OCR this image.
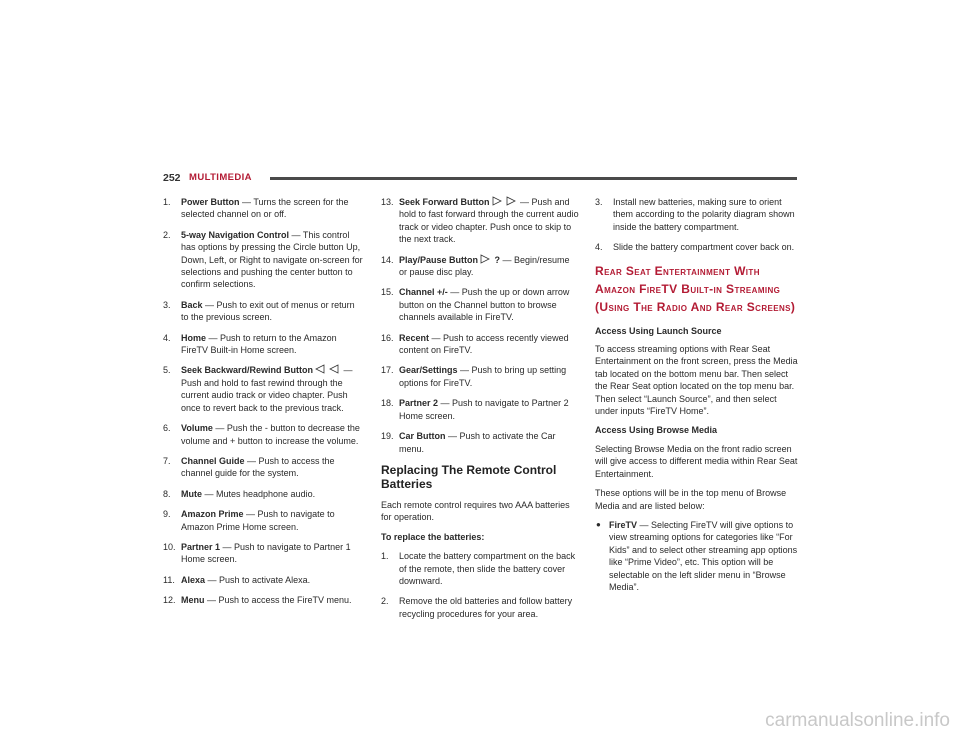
252 MULTIMEDIA
1. Power Button — Turns the screen for the selected channel on or off.
2. 5-way Navigation Control — This control has options by pressing the Circle button Up, Down, Left, or Right to navigate on-screen for selections and pushing the center button to confirm selections.
3. Back — Push to exit out of menus or return to the previous screen.
4. Home — Push to return to the Amazon FireTV Built-in Home screen.
5. Seek Backward/Rewind Button	— Push and hold to fast rewind through the current audio track or video chapter. Push once to revert back to the previous track.
6. Volume — Push the - button to decrease the volume and + button to increase the volume.
7. Channel Guide — Push to access the channel guide for the system.
8. Mute — Mutes headphone audio.
9. Amazon Prime — Push to navigate to Amazon Prime Home screen.
10. Partner 1 — Push to navigate to Partner 1 Home screen.
11. Alexa — Push to activate Alexa.
12. Menu — Push to access the FireTV menu.
13. Seek Forward Button	— Push and hold to fast forward through the current audio track or video chapter. Push once to skip to the next track.
14. Play/Pause Button
? — Begin/resume or pause disc play.
15. Channel +/- — Push the up or down arrow button on the Channel button to browse channels available in FireTV.
16. Recent — Push to access recently viewed content on FireTV.
17. Gear/Settings — Push to bring up setting options for FireTV.
18. Partner 2 — Push to navigate to Partner 2 Home screen.
19. Car Button — Push to activate the Car menu.
Replacing The Remote Control Batteries
Each remote control requires two AAA batteries for operation.
To replace the batteries:
1. Locate the battery compartment on the back of the remote, then slide the battery cover downward.
2. Remove the old batteries and follow battery recycling procedures for your area.
3. Install new batteries, making sure to orient them according to the polarity diagram shown inside the battery compartment.
4. Slide the battery compartment cover back on.
Rear Seat Entertainment With Amazon FireTV Built-in Streaming (Using The Radio And Rear Screens)
Access Using Launch Source
To access streaming options with Rear Seat Entertainment on the front screen, press the Media tab located on the bottom menu bar. Then select the Rear Seat option located on the top menu bar. Then select “Launch Source”, and then select under inputs “FireTV Home”.
Access Using Browse Media
Selecting Browse Media on the front radio screen will give access to different media within Rear Seat Entertainment.
These options will be in the top menu of Browse Media and are listed below:
● FireTV — Selecting FireTV will give options to view streaming options for categories like “For Kids” and to select other streaming app options like “Prime Video”, etc. This option will be selectable on the left slider menu in “Browse Media”.
carmanualsonline.info
